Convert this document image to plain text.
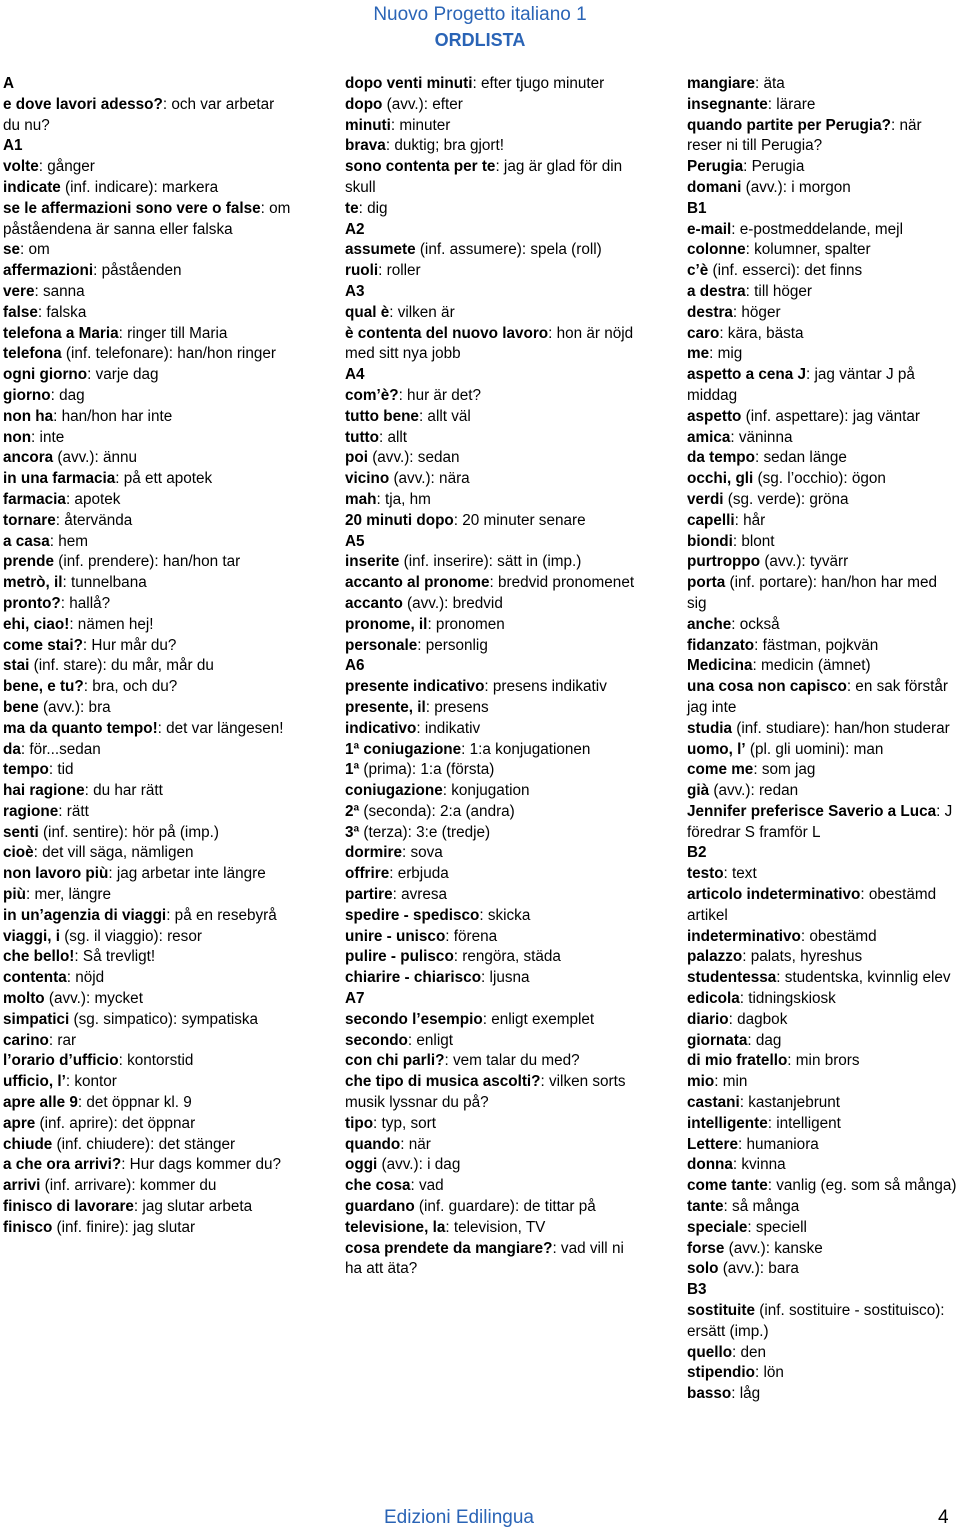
Nuovo Progetto italiano 1
ORDLISTA
A
e dove lavori adesso?: och var arbetar du nu?
A1
volte: gånger
indicate (inf. indicare): markera
se le affermazioni sono vere o false: om påståendena är sanna eller falska
se: om
affermazioni: påståenden
vere: sanna
false: falska
telefona a Maria: ringer till Maria
telefona (inf. telefonare): han/hon ringer
ogni giorno: varje dag
giorno: dag
non ha: han/hon har inte
non: inte
ancora (avv.): ännu
in una farmacia: på ett apotek
farmacia: apotek
tornare: återvända
a casa: hem
prende (inf. prendere): han/hon tar
metrò, il: tunnelbana
pronto?: hallå?
ehi, ciao!: nämen hej!
come stai?: Hur mår du?
stai (inf. stare): du mår, mår du
bene, e tu?: bra, och du?
bene (avv.): bra
ma da quanto tempo!: det var längesen!
da: för...sedan
tempo: tid
hai ragione: du har rätt
ragione: rätt
senti (inf. sentire): hör på (imp.)
cioè: det vill säga, nämligen
non lavoro più: jag arbetar inte längre
più: mer, längre
in un’agenzia di viaggi: på en resebyrå
viaggi, i (sg. il viaggio): resor
che bello!: Så trevligt!
contenta: nöjd
molto (avv.): mycket
simpatici (sg. simpatico): sympatiska
carino: rar
l’orario d’ufficio: kontorstid
ufficio, l’: kontor
apre alle 9: det öppnar kl. 9
apre (inf. aprire): det öppnar
chiude (inf. chiudere): det stänger
a che ora arrivi?: Hur dags kommer du?
arrivi (inf. arrivare): kommer du
finisco di lavorare: jag slutar arbeta
finisco (inf. finire): jag slutar
dopo venti minuti: efter tjugo minuter
dopo (avv.): efter
minuti: minuter
brava: duktig; bra gjort!
sono contenta per te: jag är glad för din skull
te: dig
A2
assumete (inf. assumere): spela (roll)
ruoli: roller
A3
qual è: vilken är
è contenta del nuovo lavoro: hon är nöjd med sitt nya jobb
A4
com’è?: hur är det?
tutto bene: allt väl
tutto: allt
poi (avv.): sedan
vicino (avv.): nära
mah: tja, hm
20 minuti dopo: 20 minuter senare
A5
inserite (inf. inserire): sätt in (imp.)
accanto al pronome: bredvid pronomenet
accanto (avv.): bredvid
pronome, il: pronomen
personale: personlig
A6
presente indicativo: presens indikativ
presente, il: presens
indicativo: indikativ
1ª coniugazione: 1:a konjugationen
1ª (prima): 1:a (första)
coniugazione: konjugation
2ª (seconda): 2:a (andra)
3ª (terza): 3:e (tredje)
dormire: sova
offrire: erbjuda
partire: avresa
spedire - spedisco: skicka
unire - unisco: förena
pulire - pulisco: rengöra, städa
chiarire - chiarisco: ljusna
A7
secondo l’esempio: enligt exemplet
secondo: enligt
con chi parli?: vem talar du med?
che tipo di musica ascolti?: vilken sorts musik lyssnar du på?
tipo: typ, sort
quando: när
oggi (avv.): i dag
che cosa: vad
guardano (inf. guardare): de tittar på
televisione, la: television, TV
cosa prendete da mangiare?: vad vill ni ha att äta?
mangiare: äta
insegnante: lärare
quando partite per Perugia?: när reser ni till Perugia?
Perugia: Perugia
domani (avv.): i morgon
B1
e-mail: e-postmeddelande, mejl
colonne: kolumner, spalter
c’è (inf. esserci): det finns
a destra: till höger
destra: höger
caro: kära, bästa
me: mig
aspetto a cena J: jag väntar J på middag
aspetto (inf. aspettare): jag väntar
amica: väninna
da tempo: sedan länge
occhi, gli (sg. l’occhio): ögon
verdi (sg. verde): gröna
capelli: hår
biondi: blont
purtroppo (avv.): tyvärr
porta (inf. portare): han/hon har med sig
anche: också
fidanzato: fästman, pojkvän
Medicina: medicin (ämnet)
una cosa non capisco: en sak förstår jag inte
studia (inf. studiare): han/hon studerar
uomo, l’ (pl. gli uomini): man
come me: som jag
già (avv.): redan
Jennifer preferisce Saverio a Luca: J föredrar S framför L
B2
testo: text
articolo indeterminativo: obestämd artikel
indeterminativo: obestämd
palazzo: palats, hyreshus
studentessa: studentska, kvinnlig elev
edicola: tidningskiosk
diario: dagbok
giornata: dag
di mio fratello: min brors
mio: min
castani: kastanjebrunt
intelligente: intelligent
Lettere: humaniora
donna: kvinna
come tante: vanlig (eg. som så många)
tante: så många
speciale: speciell
forse (avv.): kanske
solo (avv.): bara
B3
sostituite (inf. sostituire - sostituisco): ersätt (imp.)
quello: den
stipendio: lön
basso: låg
Edizioni Edilingua	4
